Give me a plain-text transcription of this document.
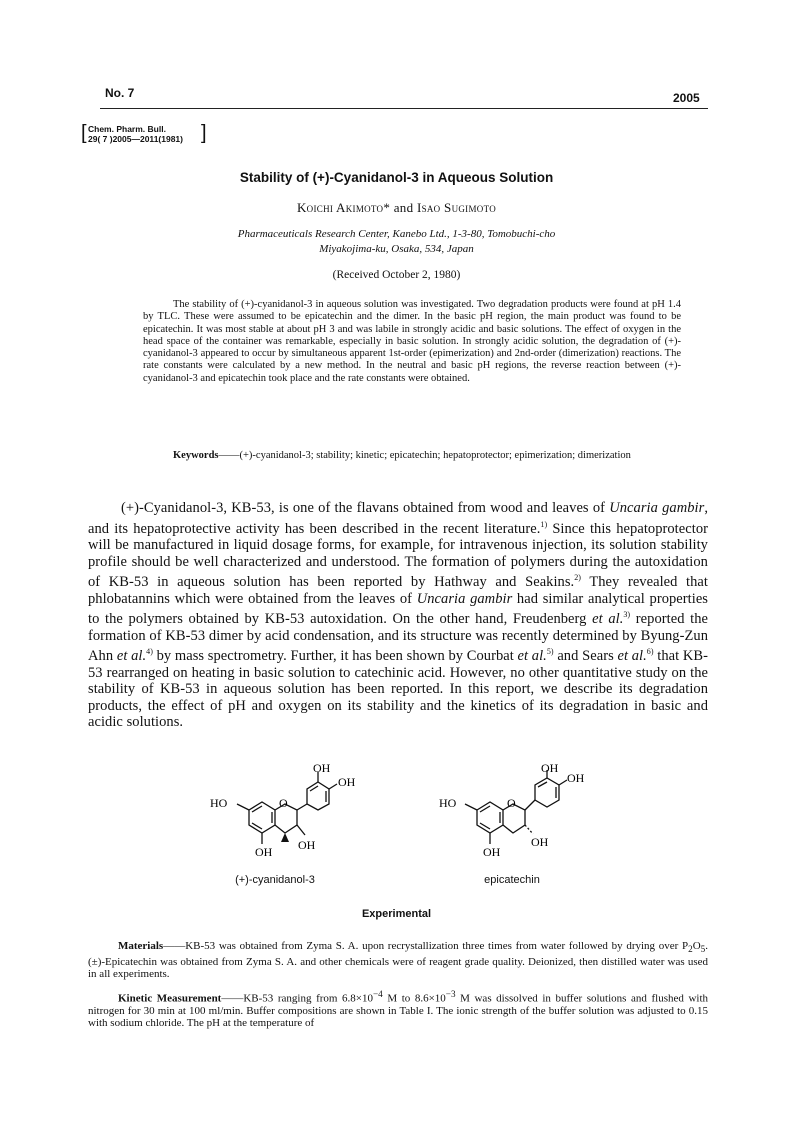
No. 7	2005
[ Chem. Pharm. Bull.
29( 7 )2005—2011(1981) ]
Stability of (+)-Cyanidanol-3 in Aqueous Solution
Koichi Akimoto* and Isao Sugimoto
Pharmaceuticals Research Center, Kanebo Ltd., 1-3-80, Tomobuchi-cho
Miyakojima-ku, Osaka, 534, Japan
(Received October 2, 1980)
The stability of (+)-cyanidanol-3 in aqueous solution was investigated. Two degradation products were found at pH 1.4 by TLC. These were assumed to be epicatechin and the dimer. In the basic pH region, the main product was found to be epicatechin. It was most stable at about pH 3 and was labile in strongly acidic and basic solutions. The effect of oxygen in the head space of the container was remarkable, especially in basic solution. In strongly acidic solution, the degradation of (+)-cyanidanol-3 appeared to occur by simultaneous apparent 1st-order (epimerization) and 2nd-order (dimerization) reactions. The rate constants were calculated by a new method. In the neutral and basic pH regions, the reverse reaction between (+)-cyanidanol-3 and epicatechin took place and the rate constants were obtained.
Keywords——(+)-cyanidanol-3; stability; kinetic; epicatechin; hepatoprotector; epimerization; dimerization
(+)-Cyanidanol-3, KB-53, is one of the flavans obtained from wood and leaves of Uncaria gambir, and its hepatoprotective activity has been described in the recent literature.$^{1)}$ Since this hepatoprotector will be manufactured in liquid dosage forms, for example, for intravenous injection, its solution stability profile should be well characterized and understood. The formation of polymers during the autoxidation of KB-53 in aqueous solution has been reported by Hathway and Seakins.$^{2)}$ They revealed that phlobatannins which were obtained from the leaves of Uncaria gambir had similar analytical properties to the polymers obtained by KB-53 autoxidation. On the other hand, Freudenberg et al.$^{3)}$ reported the formation of KB-53 dimer by acid condensation, and its structure was recently determined by Byung-Zun Ahn et al.$^{4)}$ by mass spectrometry. Further, it has been shown by Courbat et al.$^{5)}$ and Sears et al.$^{6)}$ that KB-53 rearranged on heating in basic solution to catechinic acid. However, no other quantitative study on the stability of KB-53 in aqueous solution has been reported. In this report, we describe its degradation products, the effect of pH and oxygen on its stability and the kinetics of its degradation in basic and acidic solutions.
OH
OH
HO	O
OH OH
(+)-cyanidanol-3
OH
OH
HO	O
OH
OH
epicatechin
Experimental
Materials——KB-53 was obtained from Zyma S. A. upon recrystallization three times from water followed by drying over $P_2O_5$. (±)-Epicatechin was obtained from Zyma S. A. and other chemicals were of reagent grade quality. Deionized, then distilled water was used in all experiments.
Kinetic Measurement——KB-53 ranging from $6.8\times 10^{-4}$ M to $8.6\times 10^{-3}$ M was dissolved in buffer solutions and flushed with nitrogen for 30 min at 100 ml/min. Buffer compositions are shown in Table I. The ionic strength of the buffer solution was adjusted to 0.15 with sodium chloride. The pH at the temperature of
